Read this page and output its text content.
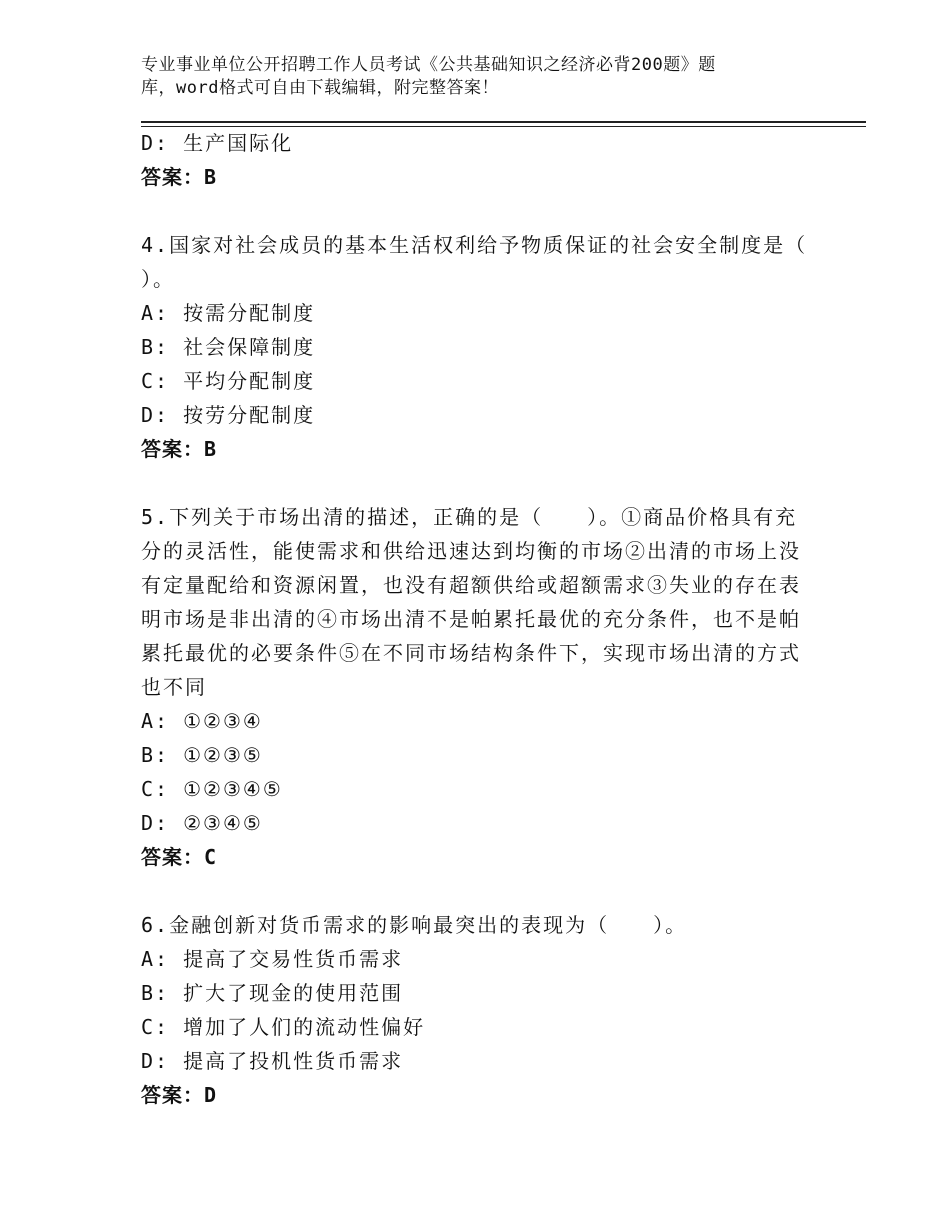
专业事业单位公开招聘工作人员考试《公共基础知识之经济必背200题》题
库，word格式可自由下载编辑，附完整答案！
D: 生产国际化
答案：B
4.国家对社会成员的基本生活权利给予物质保证的社会安全制度是（
）。
A: 按需分配制度
B: 社会保障制度
C: 平均分配制度
D: 按劳分配制度
答案：B
5.下列关于市场出清的描述，正确的是（　　）。①商品价格具有充
分的灵活性，能使需求和供给迅速达到均衡的市场②出清的市场上没
有定量配给和资源闲置，也没有超额供给或超额需求③失业的存在表
明市场是非出清的④市场出清不是帕累托最优的充分条件，也不是帕
累托最优的必要条件⑤在不同市场结构条件下，实现市场出清的方式
也不同
A: ①②③④
B: ①②③⑤
C: ①②③④⑤
D: ②③④⑤
答案：C
6.金融创新对货币需求的影响最突出的表现为（　　）。
A: 提高了交易性货币需求
B: 扩大了现金的使用范围
C: 增加了人们的流动性偏好
D: 提高了投机性货币需求
答案：D
